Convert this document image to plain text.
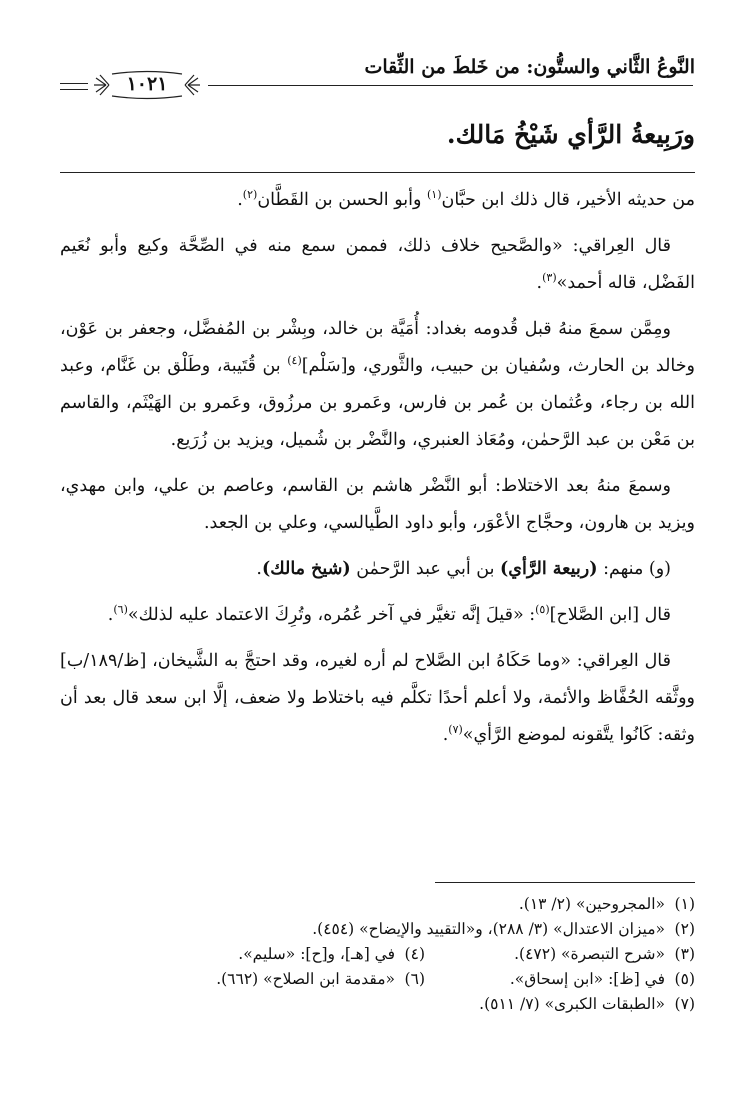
النَّوعُ الثَّاني والستُّون: من خَلطَ من الثِّقات
١٠٢١
ورَبِيعةُ الرَّأي شَيْخُ مَالك.

من حديثه الأخير، قال ذلك ابن حبَّان$^{(١)}$ وأبو الحسن بن القَطَّان$^{(٢)}$.

قال العِراقي: «والصَّحيح خلاف ذلك، فممن سمع منه في الصِّحَّة وكيع وأبو نُعَيم الفَضْل، قاله أحمد»$^{(٣)}$.

ومِمَّن سمعَ منهُ قبل قُدومه بغداد: أُمَيَّة بن خالد، وبِشْر بن المُفضَّل، وجعفر بن عَوْن، وخالد بن الحارث، وسُفيان بن حبيب، والثَّوري، و[سَلْم]$^{(٤)}$ بن قُتَيبة، وطَلْق بن غَنَّام، وعبد الله بن رجاء، وعُثمان بن عُمر بن فارس، وعَمرو بن مرزُوق، وعَمرو بن الهَيْثَم، والقاسم بن مَعْن بن عبد الرَّحمٰن، ومُعَاذ العنبري، والنَّضْر بن شُميل، ويزيد بن زُرَيع.

وسمعَ منهُ بعد الاختلاط: أبو النَّضْر هاشم بن القاسم، وعاصم بن علي، وابن مهدي، ويزيد بن هارون، وحجَّاج الأعْوَر، وأبو داود الطَّيالسي، وعلي بن الجعد.

(و) منهم: (ربيعة الرَّأي) بن أبي عبد الرَّحمٰن (شيخ مالك).

قال [ابن الصَّلاح]$^{(٥)}$: «قيلَ إنَّه تغيَّر في آخر عُمُره، وتُرِكَ الاعتماد عليه لذلك»$^{(٦)}$.

قال العِراقي: «وما حَكَاهُ ابن الصَّلاح لم أره لغيره، وقد احتجَّ به الشَّيخان، [ظ/١٨٩/ب] ووثَّقه الحُفَّاظ والأئمة، ولا أعلم أحدًا تكلَّم فيه باختلاط ولا ضعف، إلَّا ابن سعد قال بعد أن وثقه: كَانُوا يتَّقونه لموضع الرَّأي»$^{(٧)}$.

(١)
«المجروحين» (٢/ ١٣).
(٢)
«ميزان الاعتدال» (٣/ ٢٨٨)، و«التقييد والإيضاح» (٤٥٤).
(٣)
«شرح التبصرة» (٤٧٢).
(٤)
في [هـ]، و[ح]: «سليم».
(٥)
في [ظ]: «ابن إسحاق».
(٦)
«مقدمة ابن الصلاح» (٦٦٢).
(٧)
«الطبقات الكبرى» (٧/ ٥١١).
